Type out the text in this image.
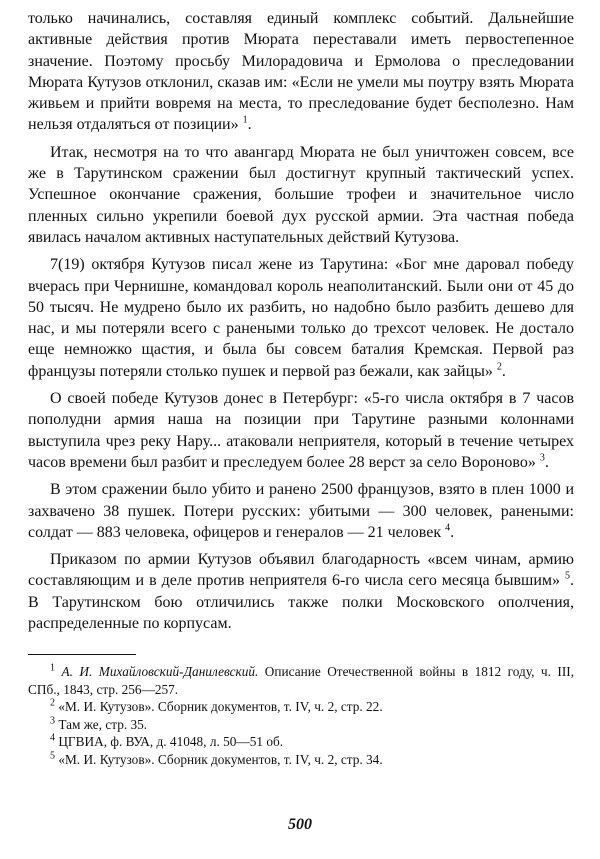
только начинались, составляя единый комплекс событий. Дальнейшие активные действия против Мюрата переставали иметь первостепенное значение. Поэтому просьбу Милорадовича и Ермолова о преследовании Мюрата Кутузов отклонил, сказав им: «Если не умели мы поутру взять Мюрата живьем и прийти вовремя на места, то преследование будет бесполезно. Нам нельзя отдаляться от позиции» $^1$.

Итак, несмотря на то что авангард Мюрата не был уничтожен совсем, все же в Тарутинском сражении был достигнут крупный тактический успех. Успешное окончание сражения, большие трофеи и значительное число пленных сильно укрепили боевой дух русской армии. Эта частная победа явилась началом активных наступательных действий Кутузова.

7(19) октября Кутузов писал жене из Тарутина: «Бог мне даровал победу вчерась при Чернишне, командовал король неаполитанский. Были они от 45 до 50 тысяч. Не мудрено было их разбить, но надобно было разбить дешево для нас, и мы потеряли всего с ранеными только до трехсот человек. Не достало еще немножко щастия, и была бы совсем баталия Кремская. Первой раз французы потеряли столько пушек и первой раз бежали, как зайцы» $^2$.

О своей победе Кутузов донес в Петербург: «5-го числа октября в 7 часов пополудни армия наша на позиции при Тарутине разными колоннами выступила чрез реку Нару... атаковали неприятеля, который в течение четырех часов времени был разбит и преследуем более 28 верст за село Вороново» $^3$.

В этом сражении было убито и ранено 2500 французов, взято в плен 1000 и захвачено 38 пушек. Потери русских: убитыми — 300 человек, ранеными: солдат — 883 человека, офицеров и генералов — 21 человек $^4$.

Приказом по армии Кутузов объявил благодарность «всем чинам, армию составляющим и в деле против неприятеля 6-го числа сего месяца бывшим» $^5$. В Тарутинском бою отличились также полки Московского ополчения, распределенные по корпусам.

$^1$ А. И. Михайловский-Данилевский. Описание Отечественной войны в 1812 году, ч. III, СПб., 1843, стр. 256—257.

$^2$ «М. И. Кутузов». Сборник документов, т. IV, ч. 2, стр. 22.

$^3$ Там же, стр. 35.

$^4$ ЦГВИА, ф. ВУА, д. 41048, л. 50—51 об.

$^5$ «М. И. Кутузов». Сборник документов, т. IV, ч. 2, стр. 34.

500
